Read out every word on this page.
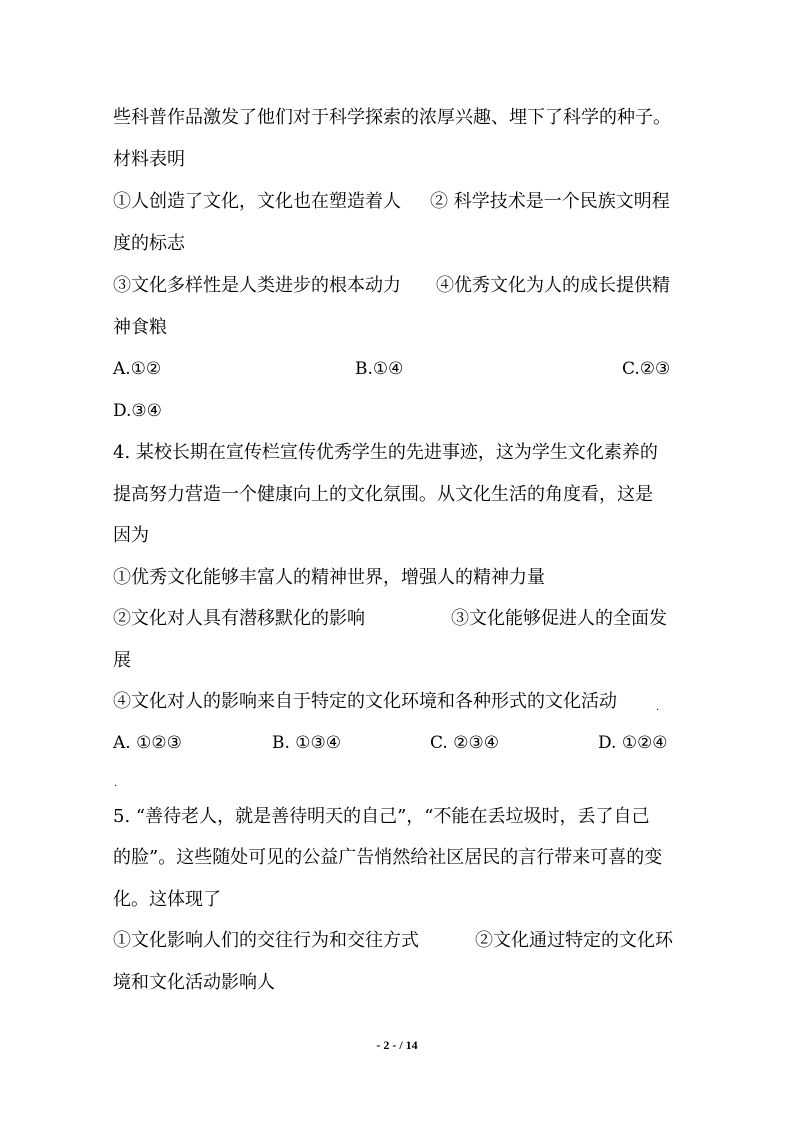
些科普作品激发了他们对于科学探索的浓厚兴趣、埋下了科学的种子。
材料表明
①人创造了文化，文化也在塑造着人 ② 科学技术是一个民族文明程
度的标志
③文化多样性是人类进步的根本动力 ④优秀文化为人的成长提供精
神食粮
A.①②	B.①④	C.②③
D.③④
4. 某校长期在宣传栏宣传优秀学生的先进事迹，这为学生文化素养的
提高努力营造一个健康向上的文化氛围。从文化生活的角度看，这是
因为
①优秀文化能够丰富人的精神世界，增强人的精神力量
②文化对人具有潜移默化的影响	③文化能够促进人的全面发
展
④文化对人的影响来自于特定的文化环境和各种形式的文化活动	.
A. ①②③	B. ①③④	C. ②③④	D. ①②④
.
5. “善待老人，就是善待明天的自己”，“不能在丢垃圾时，丢了自己
的脸”。这些随处可见的公益广告悄然给社区居民的言行带来可喜的变
化。这体现了
①文化影响人们的交往行为和交往方式	②文化通过特定的文化环
境和文化活动影响人
- 2 - / 14
